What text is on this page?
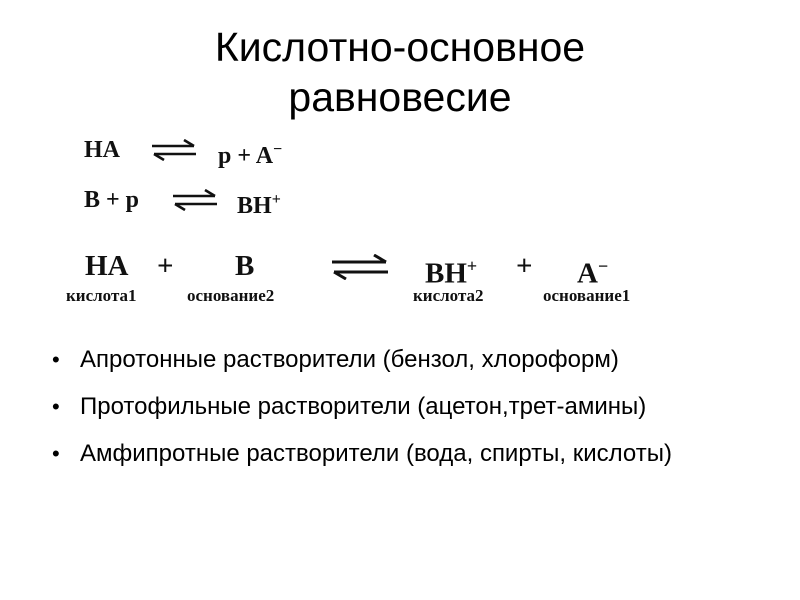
Кислотно-основное
равновесие
HA ⇌ p + A−
B + p ⇌ BH+
HA + B	BH+ + A−
кислота1	основание2	кислота2	основание1
• Апротонные растворители (бензол, хлороформ)
• Протофильные растворители (ацетон,трет-амины)
• Амфипротные растворители (вода, спирты, кислоты)
